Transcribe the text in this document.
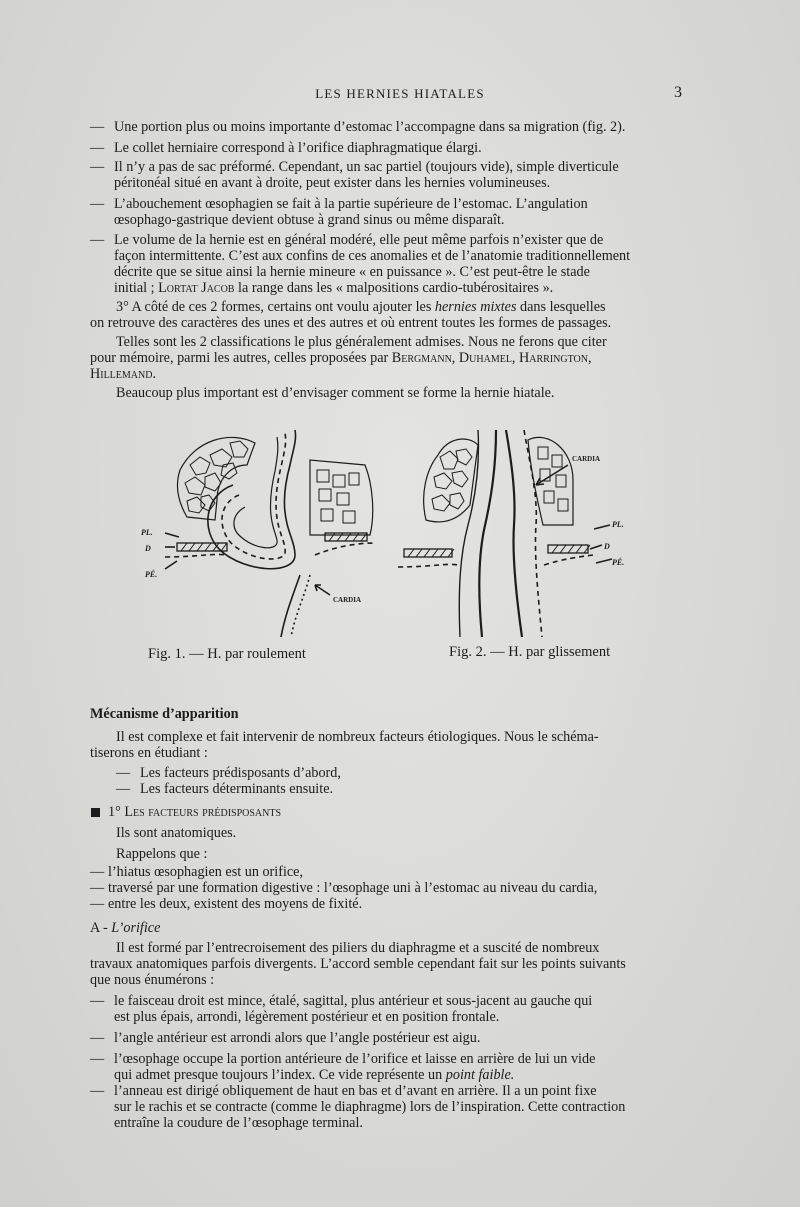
LES HERNIES HIATALES	3
— Une portion plus ou moins importante d’estomac l’accompagne dans sa migration (fig. 2).
— Le collet herniaire correspond à l’orifice diaphragmatique élargi.
— Il n’y a pas de sac préformé. Cependant, un sac partiel (toujours vide), simple diverticule
péritonéal situé en avant à droite, peut exister dans les hernies volumineuses.
— L’abouchement œsophagien se fait à la partie supérieure de l’estomac. L’angulation
œsophago-gastrique devient obtuse à grand sinus ou même disparaît.
— Le volume de la hernie est en général modéré, elle peut même parfois n’exister que de
façon intermittente. C’est aux confins de ces anomalies et de l’anatomie traditionnellement
décrite que se situe ainsi la hernie mineure « en puissance ». C’est peut-être le stade
initial ; Lortat Jacob la range dans les « malpositions cardio-tubérositaires ».
3° A côté de ces 2 formes, certains ont voulu ajouter les hernies mixtes dans lesquelles
on retrouve des caractères des unes et des autres et où entrent toutes les formes de passages.
Telles sont les 2 classifications le plus généralement admises. Nous ne ferons que citer
pour mémoire, parmi les autres, celles proposées par Bergmann, Duhamel, Harrington,
Hillemand.
Beaucoup plus important est d’envisager comment se forme la hernie hiatale.
PL.
D
PÉ.
CARDIA
Fig. 1. — H. par roulement
CARDIA
PL.
D
PÉ.
Fig. 2. — H. par glissement
Mécanisme d’apparition
Il est complexe et fait intervenir de nombreux facteurs étiologiques. Nous le schéma-
tiserons en étudiant :
— Les facteurs prédisposants d’abord,
— Les facteurs déterminants ensuite.
1° Les facteurs prédisposants
Ils sont anatomiques.
Rappelons que :
— l’hiatus œsophagien est un orifice,
— traversé par une formation digestive : l’œsophage uni à l’estomac au niveau du cardia,
— entre les deux, existent des moyens de fixité.
A - L’orifice
Il est formé par l’entrecroisement des piliers du diaphragme et a suscité de nombreux
travaux anatomiques parfois divergents. L’accord semble cependant fait sur les points suivants
que nous énumérons :
— le faisceau droit est mince, étalé, sagittal, plus antérieur et sous-jacent au gauche qui
est plus épais, arrondi, légèrement postérieur et en position frontale.
— l’angle antérieur est arrondi alors que l’angle postérieur est aigu.
— l’œsophage occupe la portion antérieure de l’orifice et laisse en arrière de lui un vide
qui admet presque toujours l’index. Ce vide représente un point faible.
— l’anneau est dirigé obliquement de haut en bas et d’avant en arrière. Il a un point fixe
sur le rachis et se contracte (comme le diaphragme) lors de l’inspiration. Cette contraction
entraîne la coudure de l’œsophage terminal.
